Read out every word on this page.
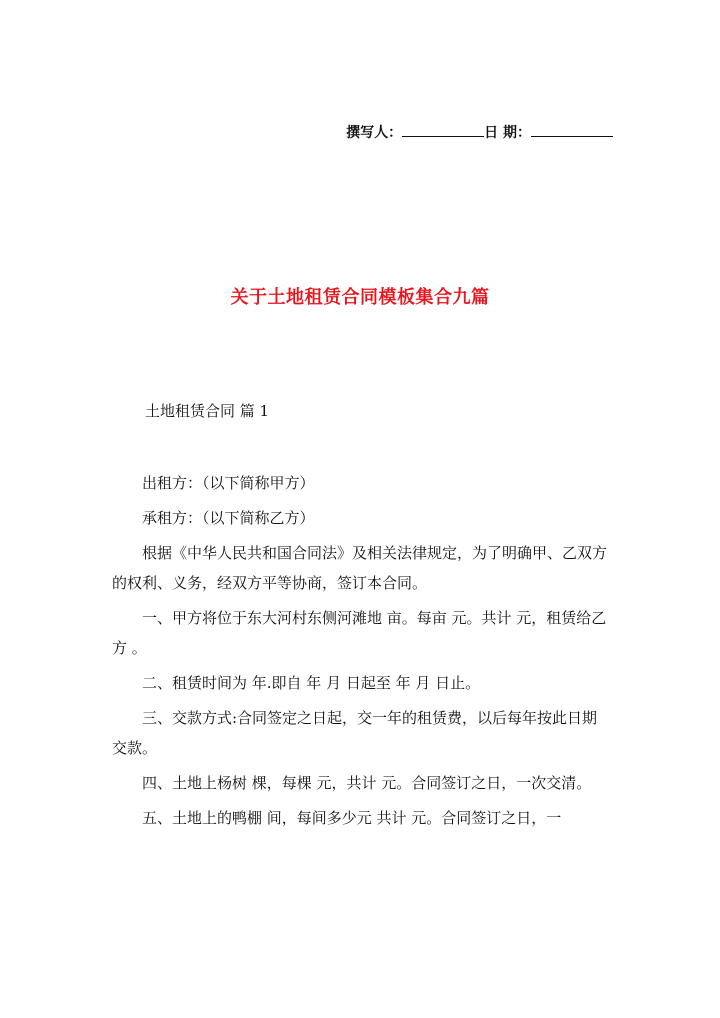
撰写人：	日 期：
关于土地租赁合同模板集合九篇
土地租赁合同 篇 1

出租方：（以下简称甲方）

承租方：（以下简称乙方）

根据《中华人民共和国合同法》及相关法律规定，为了明确甲、乙双方的权利、义务，经双方平等协商，签订本合同。

一、甲方将位于东大河村东侧河滩地 亩。每亩 元。共计 元，租赁给乙方 。

二、租赁时间为 年.即自 年 月 日起至 年 月 日止。

三、交款方式:合同签定之日起，交一年的租赁费，以后每年按此日期交款。

四、土地上杨树 棵，每棵 元，共计 元。合同签订之日，一次交清。

五、土地上的鸭棚 间，每间多少元 共计 元。合同签订之日，一
